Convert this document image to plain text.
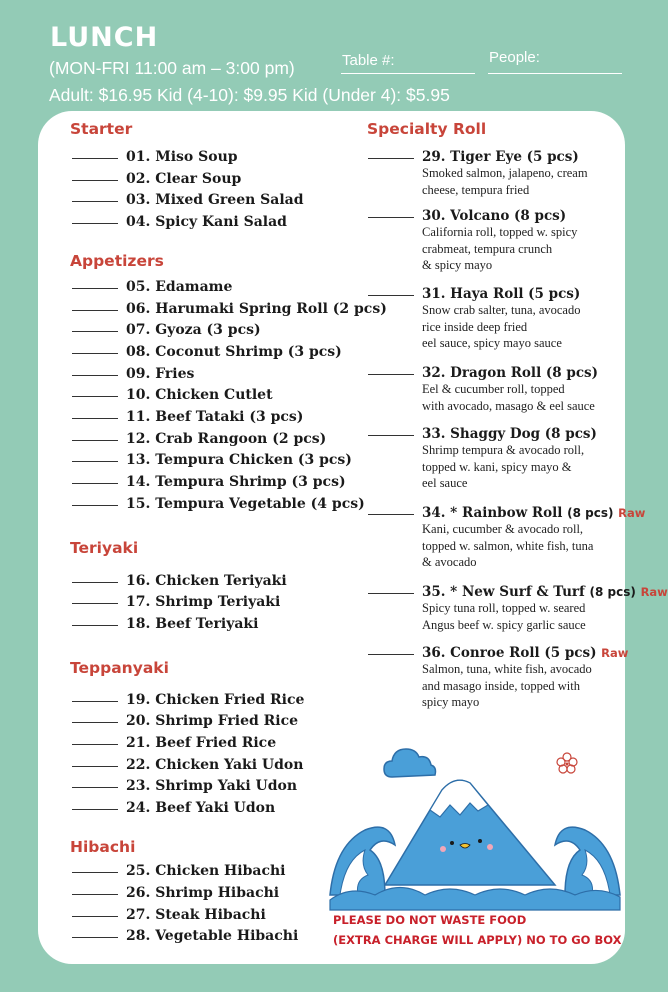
LUNCH
(MON-FRI 11:00 am – 3:00 pm)
Adult: $16.95 Kid (4-10): $9.95 Kid (Under 4): $5.95
Table #:	People:
Starter
01. Miso Soup
02. Clear Soup
03. Mixed Green Salad
04. Spicy Kani Salad
Appetizers
05. Edamame
06. Harumaki Spring Roll (2 pcs)
07. Gyoza (3 pcs)
08. Coconut Shrimp (3 pcs)
09. Fries
10. Chicken Cutlet
11. Beef Tataki (3 pcs)
12. Crab Rangoon (2 pcs)
13. Tempura Chicken (3 pcs)
14. Tempura Shrimp (3 pcs)
15. Tempura Vegetable (4 pcs)
Teriyaki
16. Chicken Teriyaki
17. Shrimp Teriyaki
18. Beef Teriyaki
Teppanyaki
19. Chicken Fried Rice
20. Shrimp Fried Rice
21. Beef Fried Rice
22. Chicken Yaki Udon
23. Shrimp Yaki Udon
24. Beef Yaki Udon
Hibachi
25. Chicken Hibachi
26. Shrimp Hibachi
27. Steak Hibachi
28. Vegetable Hibachi
Specialty Roll
29. Tiger Eye (5 pcs)
Smoked salmon, jalapeno, cream
cheese, tempura fried
30. Volcano (8 pcs)
California roll, topped w. spicy
crabmeat, tempura crunch
& spicy mayo
31. Haya Roll (5 pcs)
Snow crab salter, tuna, avocado
rice inside deep fried
eel sauce, spicy mayo sauce
32. Dragon Roll (8 pcs)
Eel & cucumber roll, topped
with avocado, masago & eel sauce
33. Shaggy Dog (8 pcs)
Shrimp tempura & avocado roll,
topped w. kani, spicy mayo &
eel sauce
34. * Rainbow Roll (8 pcs) Raw
Kani, cucumber & avocado roll,
topped w. salmon, white fish, tuna
& avocado
35. * New Surf & Turf (8 pcs) Raw
Spicy tuna roll, topped w. seared
Angus beef w. spicy garlic sauce
36. Conroe Roll (5 pcs) Raw
Salmon, tuna, white fish, avocado
and masago inside, topped with
spicy mayo
PLEASE DO NOT WASTE FOOD
(EXTRA CHARGE WILL APPLY) NO TO GO BOX
